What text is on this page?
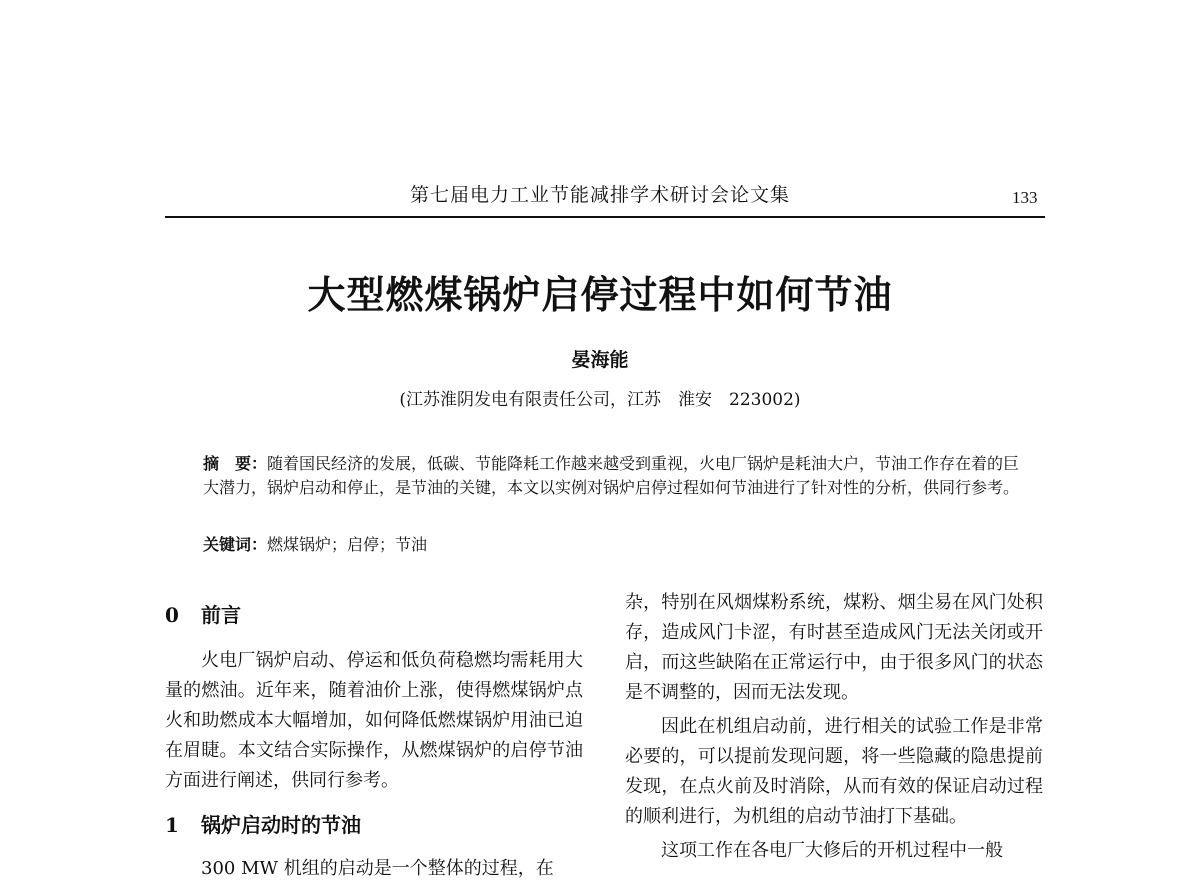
第七届电力工业节能减排学术研讨会论文集	133
大型燃煤锅炉启停过程中如何节油
晏海能
(江苏淮阴发电有限责任公司，江苏　淮安　223002)

摘　要：随着国民经济的发展，低碳、节能降耗工作越来越受到重视，火电厂锅炉是耗油大户，节油工作存在着的巨大潜力，锅炉启动和停止，是节油的关键，本文以实例对锅炉启停过程如何节油进行了针对性的分析，供同行参考。

关键词：燃煤锅炉；启停；节油

0 前言

火电厂锅炉启动、停运和低负荷稳燃均需耗用大量的燃油。近年来，随着油价上涨，使得燃煤锅炉点火和助燃成本大幅增加，如何降低燃煤锅炉用油已迫在眉睫。本文结合实际操作，从燃煤锅炉的启停节油方面进行阐述，供同行参考。

1 锅炉启动时的节油

300 MW 机组的启动是一个整体的过程，在

杂，特别在风烟煤粉系统，煤粉、烟尘易在风门处积存，造成风门卡涩，有时甚至造成风门无法关闭或开启，而这些缺陷在正常运行中，由于很多风门的状态是不调整的，因而无法发现。

因此在机组启动前，进行相关的试验工作是非常必要的，可以提前发现问题，将一些隐藏的隐患提前发现，在点火前及时消除，从而有效的保证启动过程的顺利进行，为机组的启动节油打下基础。

这项工作在各电厂大修后的开机过程中一般
